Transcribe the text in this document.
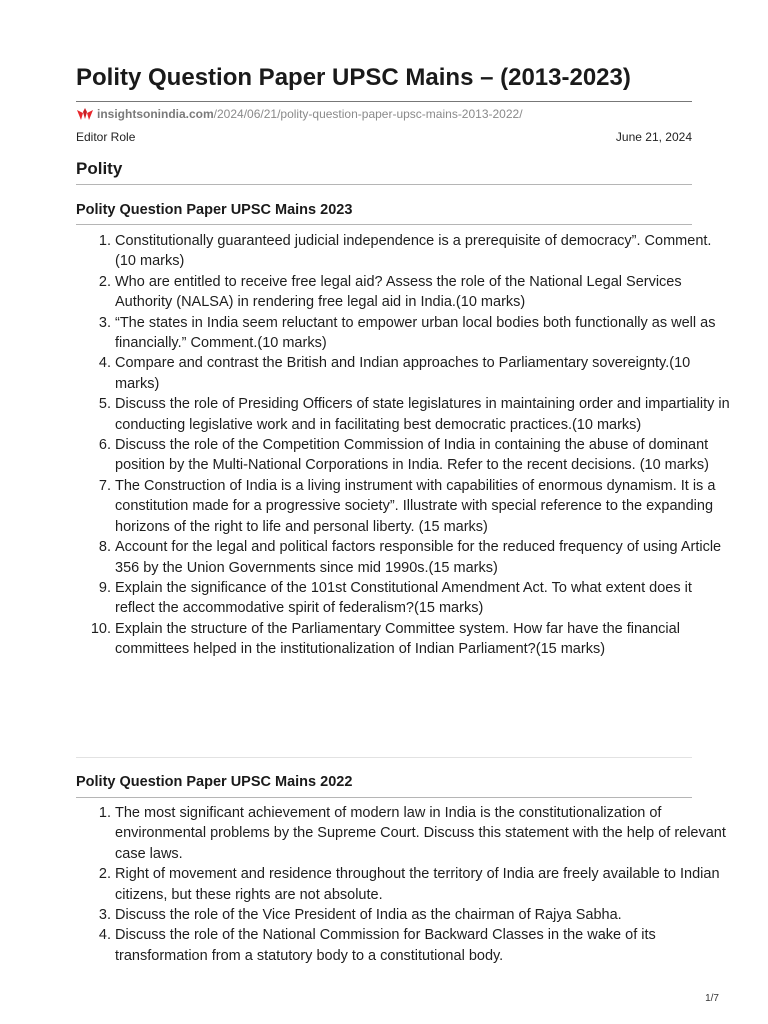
Polity Question Paper UPSC Mains – (2013-2023)
insightsonindia.com /2024/06/21/polity-question-paper-upsc-mains-2013-2022/
Editor Role	June 21, 2024
Polity
Polity Question Paper UPSC Mains 2023
1. Constitutionally guaranteed judicial independence is a prerequisite of democracy”. Comment. (10 marks)
2. Who are entitled to receive free legal aid? Assess the role of the National Legal Services Authority (NALSA) in rendering free legal aid in India.(10 marks)
3. “The states in India seem reluctant to empower urban local bodies both functionally as well as financially.” Comment.(10 marks)
4. Compare and contrast the British and Indian approaches to Parliamentary sovereignty.(10 marks)
5. Discuss the role of Presiding Officers of state legislatures in maintaining order and impartiality in conducting legislative work and in facilitating best democratic practices.(10 marks)
6. Discuss the role of the Competition Commission of India in containing the abuse of dominant position by the Multi-National Corporations in India. Refer to the recent decisions. (10 marks)
7. The Construction of India is a living instrument with capabilities of enormous dynamism. It is a constitution made for a progressive society”. Illustrate with special reference to the expanding horizons of the right to life and personal liberty. (15 marks)
8. Account for the legal and political factors responsible for the reduced frequency of using Article 356 by the Union Governments since mid 1990s.(15 marks)
9. Explain the significance of the 101st Constitutional Amendment Act. To what extent does it reflect the accommodative spirit of federalism?(15 marks)
10. Explain the structure of the Parliamentary Committee system. How far have the financial committees helped in the institutionalization of Indian Parliament?(15 marks)
Polity Question Paper UPSC Mains 2022
1. The most significant achievement of modern law in India is the constitutionalization of environmental problems by the Supreme Court. Discuss this statement with the help of relevant case laws.
2. Right of movement and residence throughout the territory of India are freely available to Indian citizens, but these rights are not absolute.
3. Discuss the role of the Vice President of India as the chairman of Rajya Sabha.
4. Discuss the role of the National Commission for Backward Classes in the wake of its transformation from a statutory body to a constitutional body.
1/7
